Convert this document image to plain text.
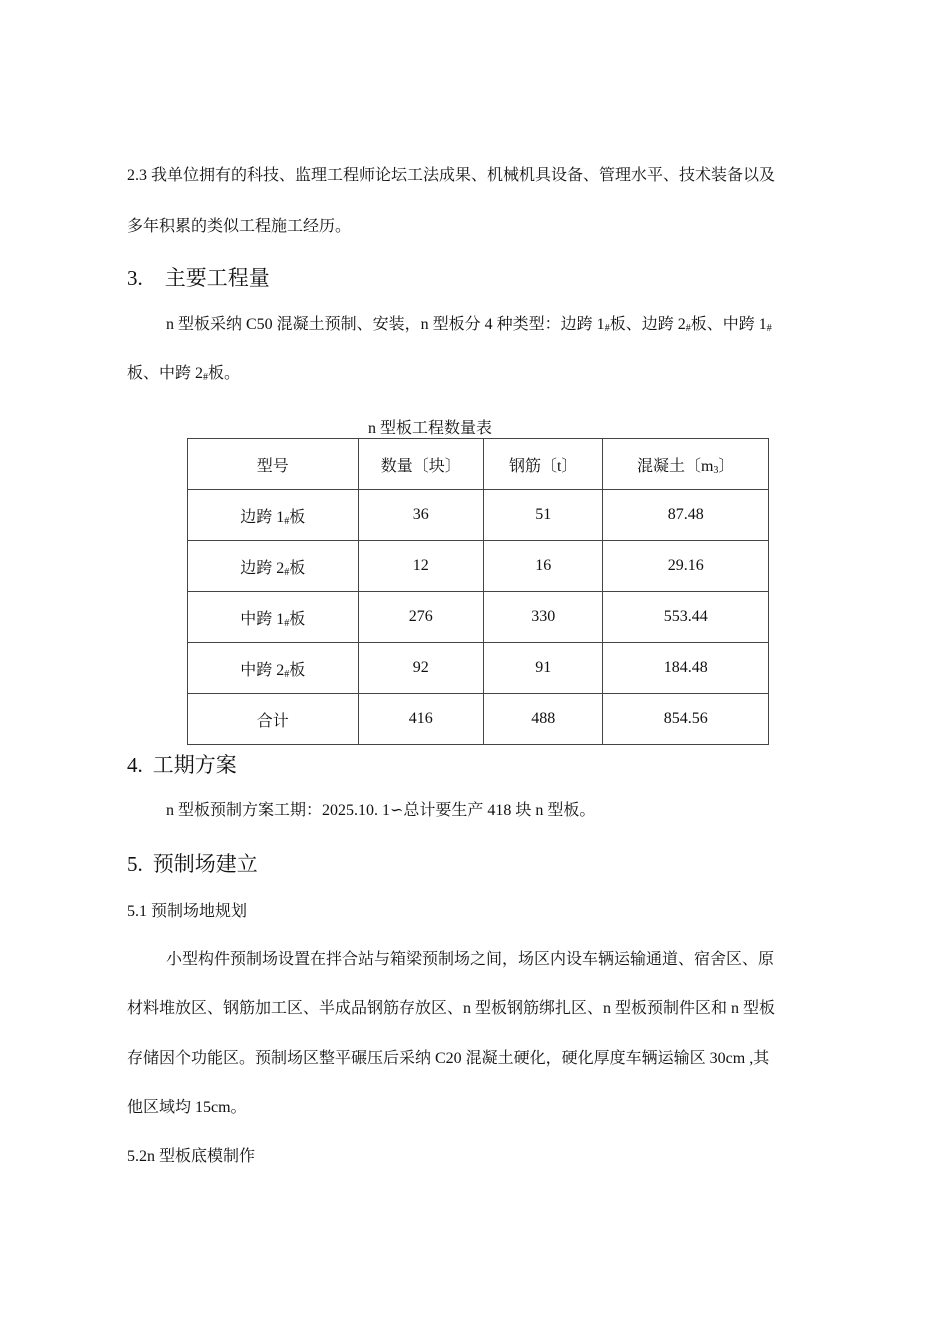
2.3 我单位拥有的科技、监理工程师论坛工法成果、机械机具设备、管理水平、技术装备以及

多年积累的类似工程施工经历。

3. 主要工程量

n 型板采纳 C50 混凝土预制、安装，n 型板分 4 种类型：边跨 1#板、边跨 2#板、中跨 1#

板、中跨 2#板。

n 型板工程数量表

型号	数量〔块〕	钢筋〔t〕	混凝土〔m3〕
边跨 1#板	36	51	87.48
边跨 2#板	12	16	29.16
中跨 1#板	276	330	553.44
中跨 2#板	92	91	184.48
合计	416	488	854.56
4. 工期方案

n 型板预制方案工期：2025.10. 1∽总计要生产 418 块 n 型板。

5. 预制场建立

5.1 预制场地规划

小型构件预制场设置在拌合站与箱梁预制场之间，场区内设车辆运输通道、宿舍区、原

材料堆放区、钢筋加工区、半成品钢筋存放区、n 型板钢筋绑扎区、n 型板预制件区和 n 型板

存储因个功能区。预制场区整平碾压后采纳 C20 混凝土硬化，硬化厚度车辆运输区 30cm ,其

他区域均 15cm。

5.2n 型板底模制作
